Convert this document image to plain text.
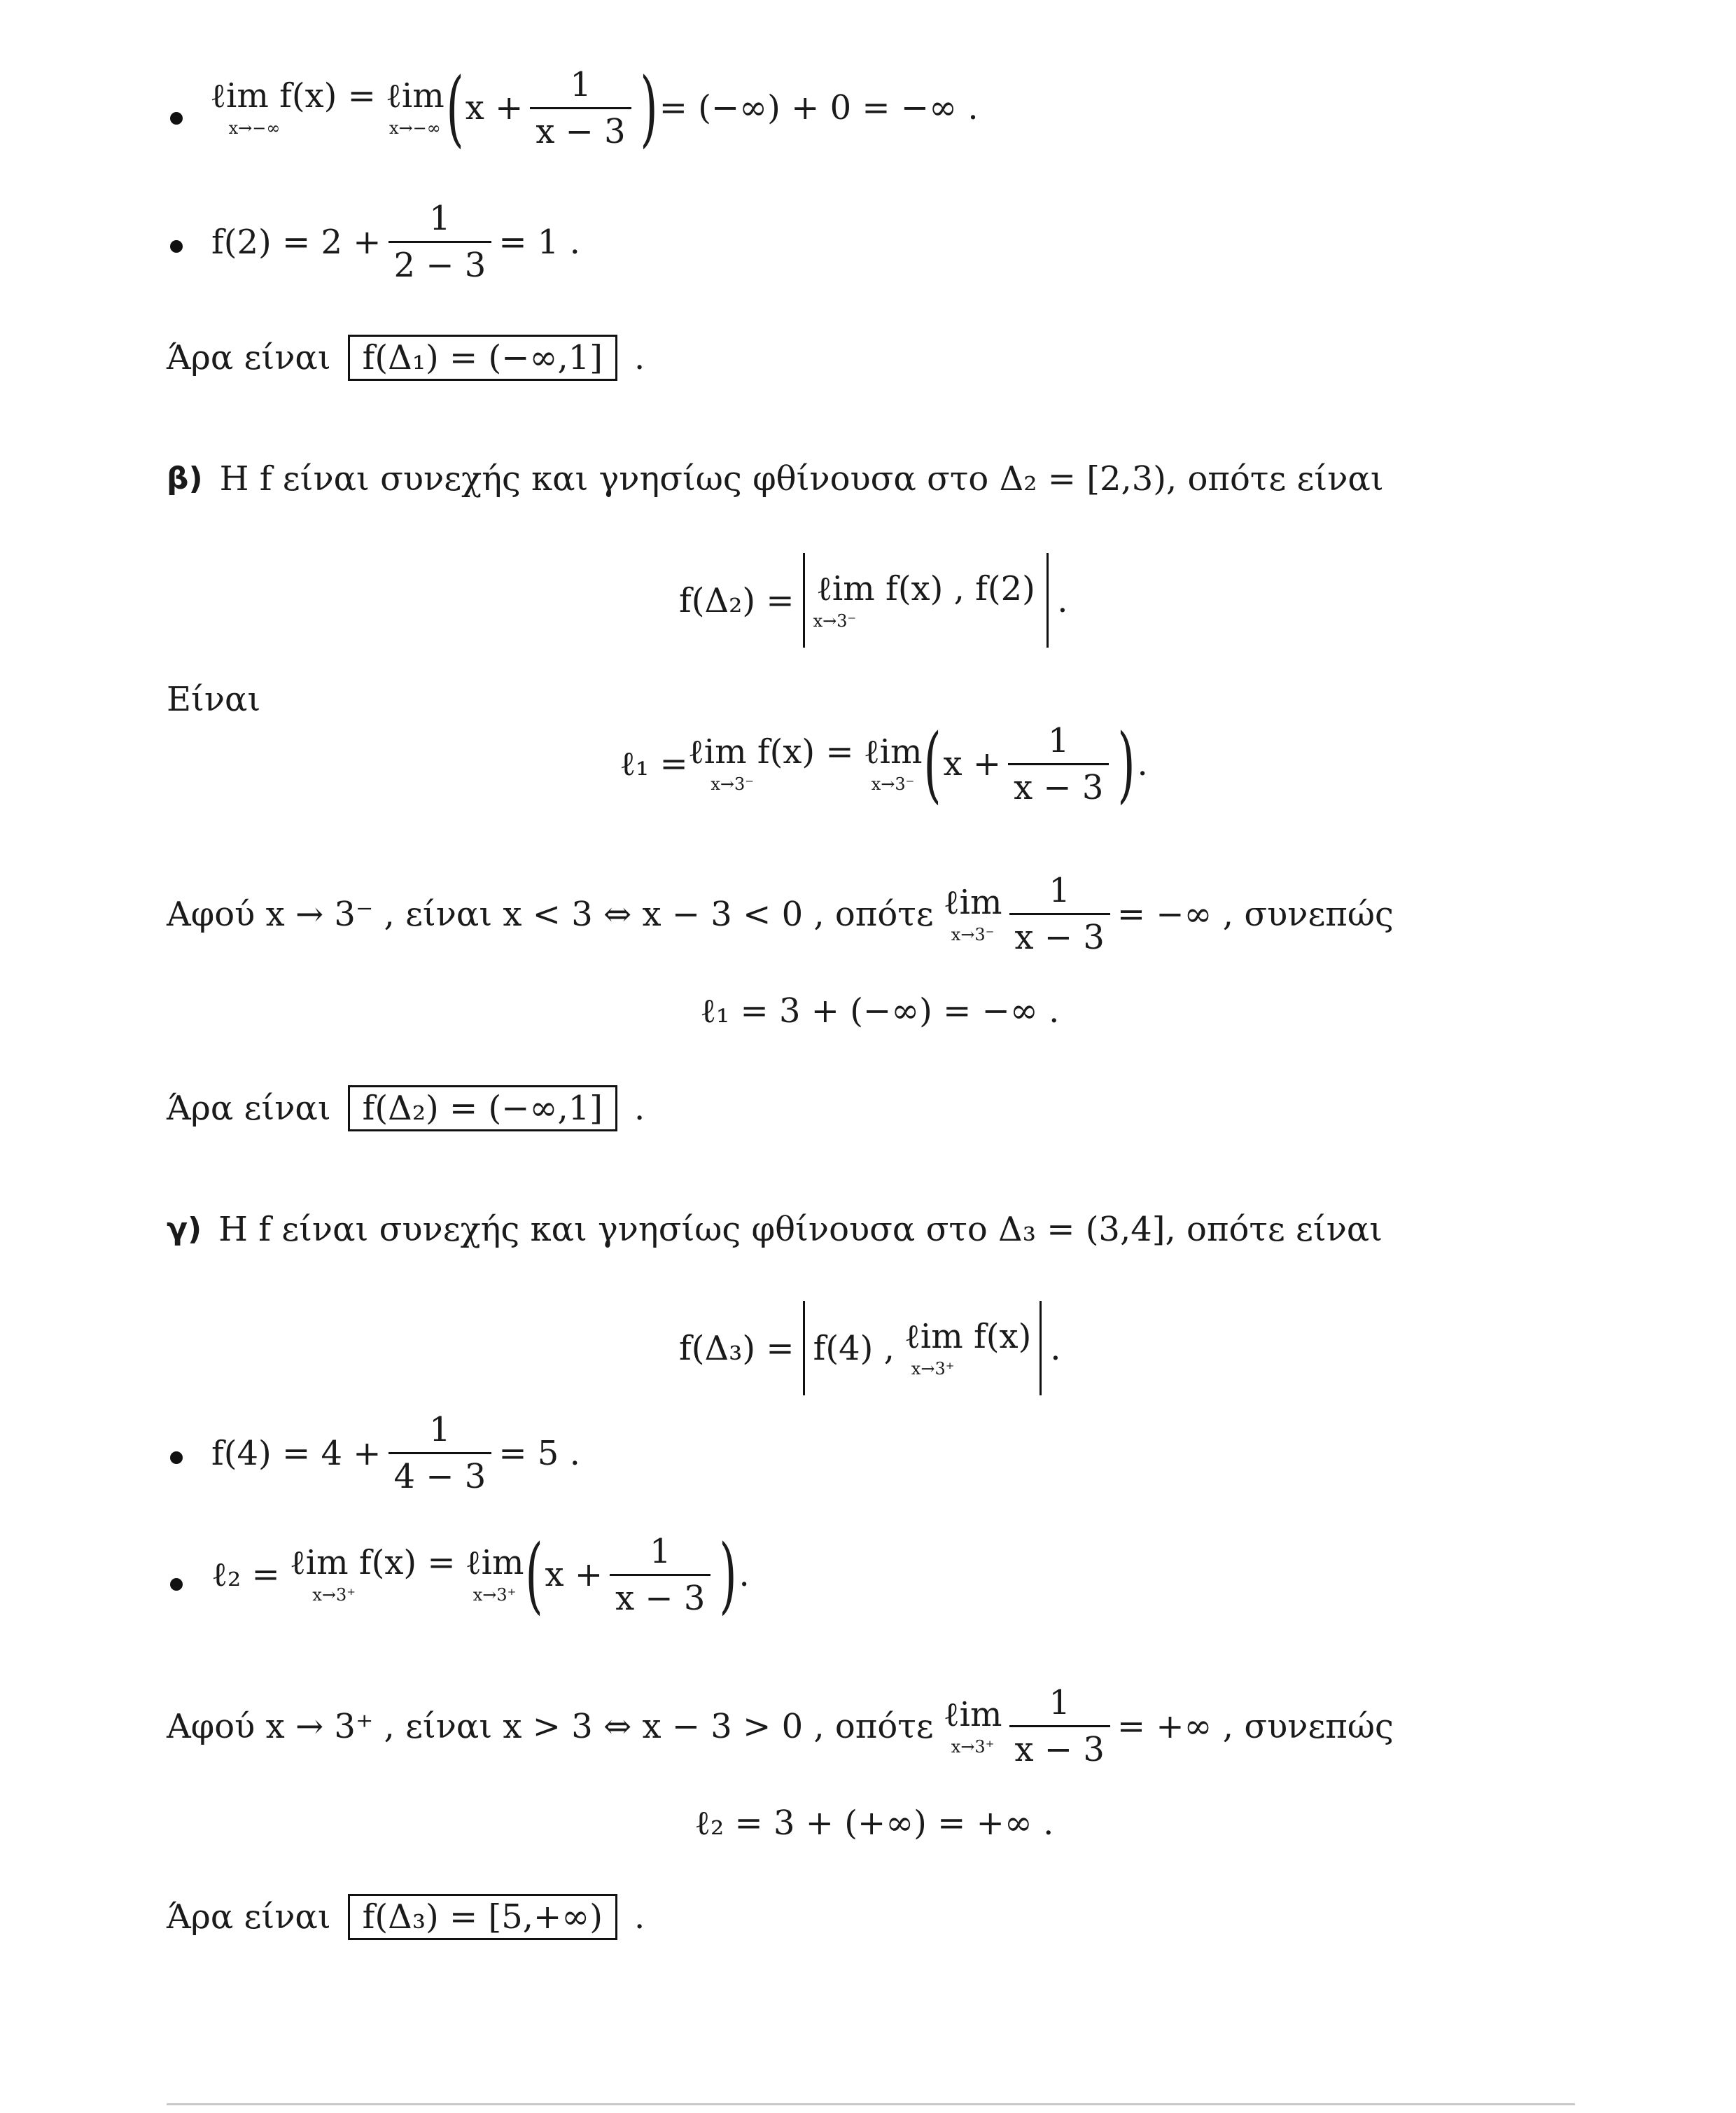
ℓim f(x) =
x→−∞
ℓim
x→−∞ ( $x + \frac{1}{x - 3}$ ) = (−∞) + 0 = −∞ .
$f(2) = 2 + \frac{1}{2 - 3} = 1$ .
Άρα είναι f(Δ₁) = (−∞,1] .
β) Η f είναι συνεχής και γνησίως φθίνουσα στο Δ₂ = [2,3), οπότε είναι
f(Δ₂) = ℓim f(x) , f(2)
x→3⁻
.
Είναι
ℓ₁ = ℓim f(x) =
x→3⁻
ℓim
x→3⁻ ( $x + \frac{1}{x - 3}$ ) .
Αφού x → 3⁻ , είναι x < 3 ⇔ x − 3 < 0 , οπότε ℓim
$x\to 3^- \frac{1}{x - 3}$ = −∞ , συνεπώς
ℓ₁ = 3 + (−∞) = −∞ .
Άρα είναι f(Δ₂) = (−∞,1] .
γ) Η f είναι συνεχής και γνησίως φθίνουσα στο Δ₃ = (3,4], οπότε είναι
f(Δ₃) = f(4) , ℓim f(x)
x→3⁺
.
$f(4) = 4 + \frac{1}{4 - 3} = 5$ .
ℓ₂ = ℓim f(x) =
x→3⁺
ℓim
x→3⁺ ( $x + \frac{1}{x - 3}$ ) .
Αφού x → 3⁺ , είναι x > 3 ⇔ x − 3 > 0 , οπότε ℓim
$x\to 3^+ \frac{1}{x - 3}$ = +∞ , συνεπώς
ℓ₂ = 3 + (+∞) = +∞ .
Άρα είναι f(Δ₃) = [5,+∞) .
